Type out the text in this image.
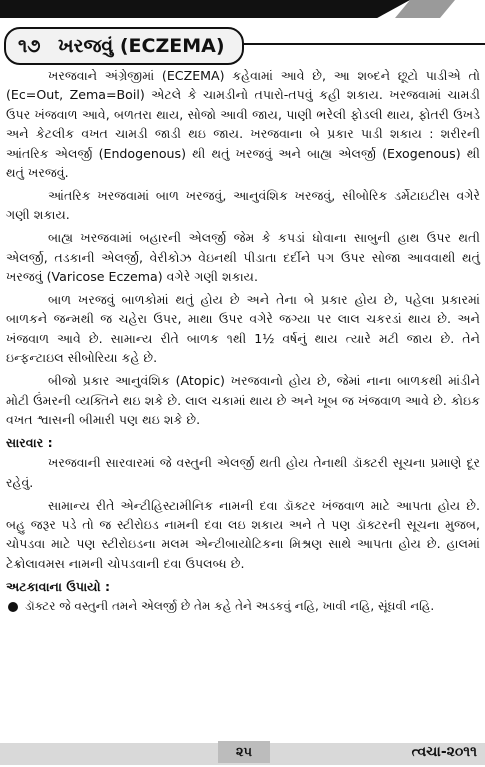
૧૭ ખરજવું (ECZEMA)

ખરજવાને અંગ્રેજીમાં (ECZEMA) કહેવામાં આવે છે, આ શબ્દને છૂટો પાડીએ તો (Ec=Out, Zema=Boil) એટલે કે ચામડીનો તપારો-તપવું કહી શકાય. ખરજવામાં ચામડી ઉપર ખંજવાળ આવે, બળતરા થાય, સોજો આવી જાય, પાણી ભરેલી ફોડલી થાય, ફોતરી ઉખડે અને કેટલીક વખત ચામડી જાડી થઇ જાય. ખરજવાના બે પ્રકાર પાડી શકાય : શરીરની આંતરિક એલર્જી (Endogenous) થી થતું ખરજવું અને બાહ્ય એલર્જી (Exogenous) થી થતું ખરજવું.

આંતરિક ખરજવામાં બાળ ખરજવું, આનુવંશિક ખરજવું, સીબોરિક ડર્મેટાઇટીસ વગેરે ગણી શકાય.

બાહ્ય ખરજવામાં બહારની એલર્જી જેમ કે કપડાં ધોવાના સાબુની હાથ ઉપર થતી એલર્જી, તડકાની એલર્જી, વેરીકોઝ વેઇનથી પીડાતા દર્દીને પગ ઉપર સોજા આવવાથી થતું ખરજવું (Varicose Eczema) વગેરે ગણી શકાય.

બાળ ખરજવું બાળકોમાં થતું હોય છે અને તેના બે પ્રકાર હોય છે, પહેલા પ્રકારમાં બાળકને જન્મથી જ ચહેરા ઉપર, માથા ઉપર વગેરે જગ્યા પર લાલ ચકરડાં થાય છે. અને ખંજવાળ આવે છે. સામાન્ય રીતે બાળક ૧થી 1½ વર્ષનું થાય ત્યારે મટી જાય છે. તેને ઇન્ફન્ટાઇલ સીબોરિયા કહે છે.

બીજો પ્રકાર આનુવંશિક (Atopic) ખરજવાનો હોય છે, જેમાં નાના બાળકથી માંડીને મોટી ઉંમરની વ્યક્તિને થઇ શકે છે. લાલ ચકામાં થાય છે અને ખૂબ જ ખંજવાળ આવે છે. કોઇક વખત શ્વાસની બીમારી પણ થઇ શકે છે.

સારવાર :

ખરજવાની સારવારમાં જે વસ્તુની એલર્જી થતી હોય તેનાથી ડૉક્ટરી સૂચના પ્રમાણે દૂર રહેવું.

સામાન્ય રીતે એન્ટીહિસ્ટામીનિક નામની દવા ડૉક્ટર ખંજવાળ માટે આપતા હોય છે. બહુ જરૂર પડે તો જ સ્ટીરોઇડ નામની દવા લઇ શકાય અને તે પણ ડૉક્ટરની સૂચના મુજબ, ચોપડવા માટે પણ સ્ટીરોઇડના મલમ એન્ટીબાયોટિકના મિશ્રણ સાથે આપતા હોય છે. હાલમાં ટેક્રોલાવમસ નામની ચોપડવાની દવા ઉપલબ્ધ છે.

અટકાવાના ઉપાયો :
ડૉક્ટર જે વસ્તુની તમને એલર્જી છે તેમ કહે તેને અડકવું નહિ, ખાવી નહિ, સૂંઘવી નહિ.
૨૫	ત્વચા-૨૦૧૧
